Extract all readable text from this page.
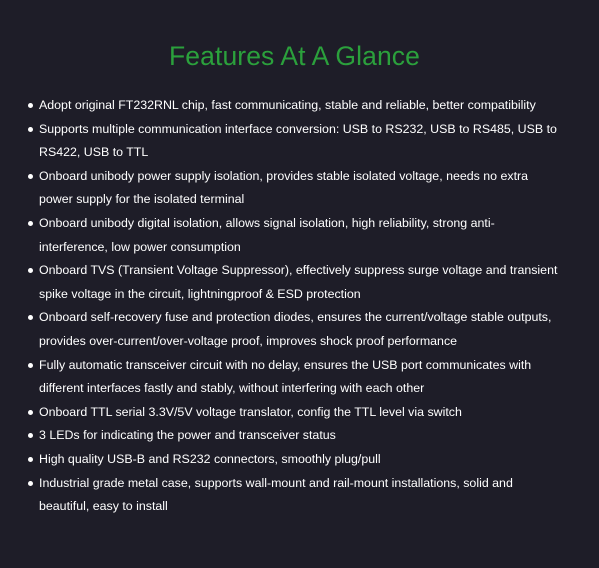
Features At A Glance
Adopt original FT232RNL chip, fast communicating, stable and reliable, better compatibility
Supports multiple communication interface conversion: USB to RS232, USB to RS485, USB to RS422, USB to TTL
Onboard unibody power supply isolation, provides stable isolated voltage, needs no extra power supply for the isolated terminal
Onboard unibody digital isolation, allows signal isolation, high reliability, strong anti-interference, low power consumption
Onboard TVS (Transient Voltage Suppressor), effectively suppress surge voltage and transient spike voltage in the circuit, lightningproof & ESD protection
Onboard self-recovery fuse and protection diodes, ensures the current/voltage stable outputs, provides over-current/over-voltage proof, improves shock proof performance
Fully automatic transceiver circuit with no delay, ensures the USB port communicates with different interfaces fastly and stably, without interfering with each other
Onboard TTL serial 3.3V/5V voltage translator, config the TTL level via switch
3 LEDs for indicating the power and transceiver status
High quality USB-B and RS232 connectors, smoothly plug/pull
Industrial grade metal case, supports wall-mount and rail-mount installations, solid and beautiful, easy to install
